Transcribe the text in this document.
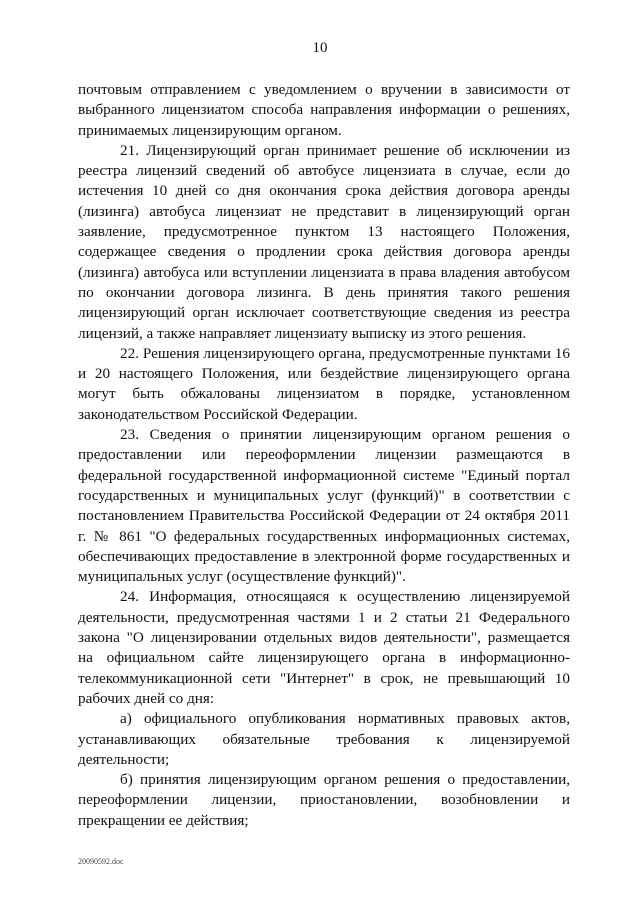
10

почтовым отправлением с уведомлением о вручении в зависимости от выбранного лицензиатом способа направления информации о решениях, принимаемых лицензирующим органом.

21. Лицензирующий орган принимает решение об исключении из реестра лицензий сведений об автобусе лицензиата в случае, если до истечения 10 дней со дня окончания срока действия договора аренды (лизинга) автобуса лицензиат не представит в лицензирующий орган заявление, предусмотренное пунктом 13 настоящего Положения, содержащее сведения о продлении срока действия договора аренды (лизинга) автобуса или вступлении лицензиата в права владения автобусом по окончании договора лизинга. В день принятия такого решения лицензирующий орган исключает соответствующие сведения из реестра лицензий, а также направляет лицензиату выписку из этого решения.

22. Решения лицензирующего органа, предусмотренные пунктами 16 и 20 настоящего Положения, или бездействие лицензирующего органа могут быть обжалованы лицензиатом в порядке, установленном законодательством Российской Федерации.

23. Сведения о принятии лицензирующим органом решения о предоставлении или переоформлении лицензии размещаются в федеральной государственной информационной системе "Единый портал государственных и муниципальных услуг (функций)" в соответствии с постановлением Правительства Российской Федерации от 24 октября 2011 г. № 861 "О федеральных государственных информационных системах, обеспечивающих предоставление в электронной форме государственных и муниципальных услуг (осуществление функций)".

24. Информация, относящаяся к осуществлению лицензируемой деятельности, предусмотренная частями 1 и 2 статьи 21 Федерального закона "О лицензировании отдельных видов деятельности", размещается на официальном сайте лицензирующего органа в информационно-телекоммуникационной сети "Интернет" в срок, не превышающий 10 рабочих дней со дня:

а) официального опубликования нормативных правовых актов, устанавливающих обязательные требования к лицензируемой деятельности;

б) принятия лицензирующим органом решения о предоставлении, переоформлении лицензии, приостановлении, возобновлении и прекращении ее действия;

20090592.doc
